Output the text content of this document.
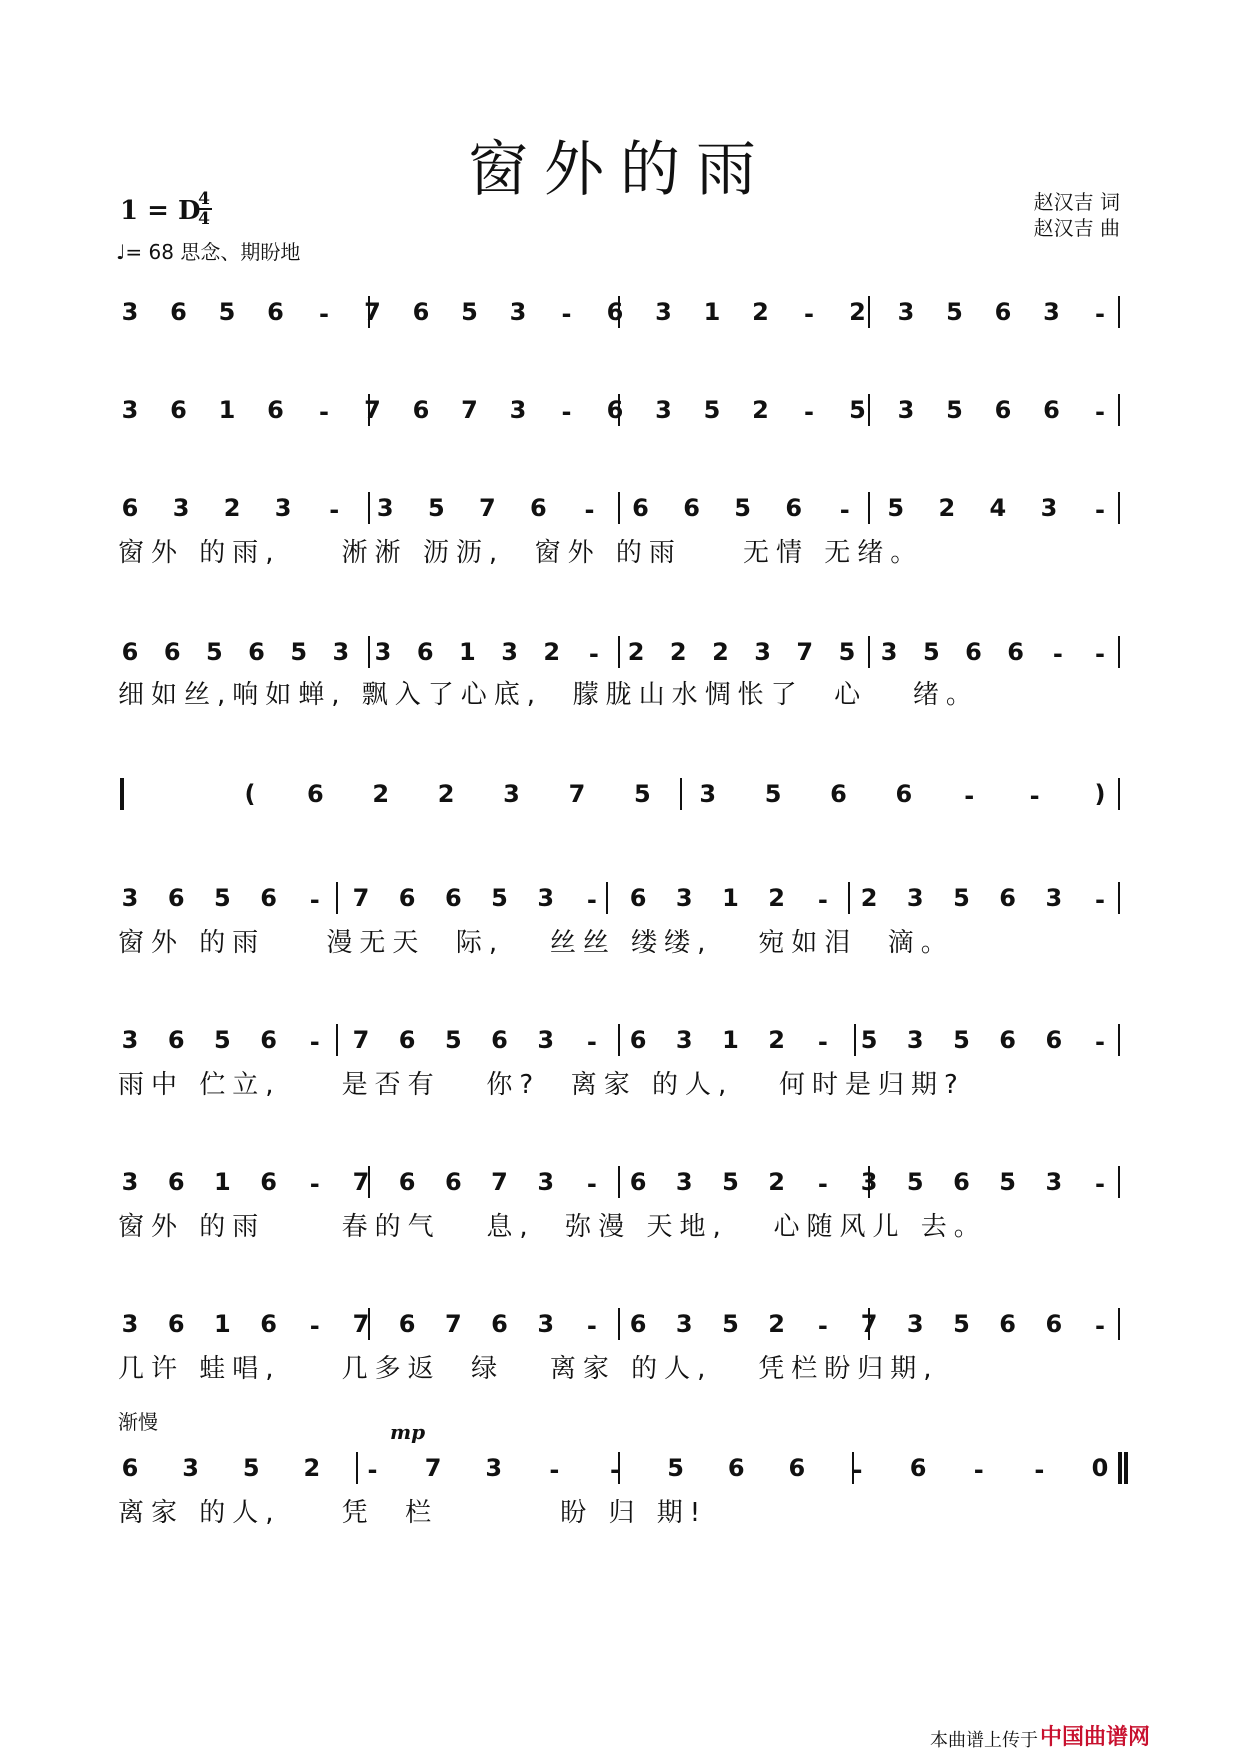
窗外的雨
1 = D
4
4
♩= 68 思念、期盼地
赵汉吉 词
赵汉吉 曲
窗外 的雨,    淅淅 沥沥,  窗外 的雨    无情 无绪。
细如丝,响如蝉, 飘入了心底,  朦胧山水惆怅了  心   绪。
窗外 的雨    漫无天  际,   丝丝 缕缕,   宛如泪  滴。
雨中 伫立,    是否有   你?  离家 的人,   何时是归期?
窗外 的雨     春的气   息,  弥漫 天地,   心随风儿 去。
几许 蛙唱,    几多返  绿   离家 的人,   凭栏盼归期,
离家 的人,    凭  栏        盼 归 期!
渐慢	mp
本曲谱上传于 中国曲谱网
3 6 5 6 - 7 6 5 3 - 6 3 1 2 - 2 3 5 6 3 -
3 6 1 6 - 7 6 7 3 - 6 3 5 2 - 5 3 5 6 6 -
6 3 2 3 - 3 5 7 6 - 6 6 5 6 - 5 2 4 3 -
6 6 5 6 5 3 3 6 1 3 2 - 2 2 2 3 7 5 3 5 6 6 - -
( 6 2 2 3 7 5 3 5 6 6 - - )
3 6 5 6 - 7 6 6 5 3 - 6 3 1 2 - 2 3 5 6 3 -
3 6 5 6 - 7 6 5 6 3 - 6 3 1 2 - 5 3 5 6 6 -
3 6 1 6 - 7 6 6 7 3 - 6 3 5 2 - 3 5 6 5 3 -
3 6 1 6 - 7 6 7 6 3 - 6 3 5 2 - 7 3 5 6 6 -
6 3 5 2 - 7 3 - - 5 6 6 - 6 - - 0
